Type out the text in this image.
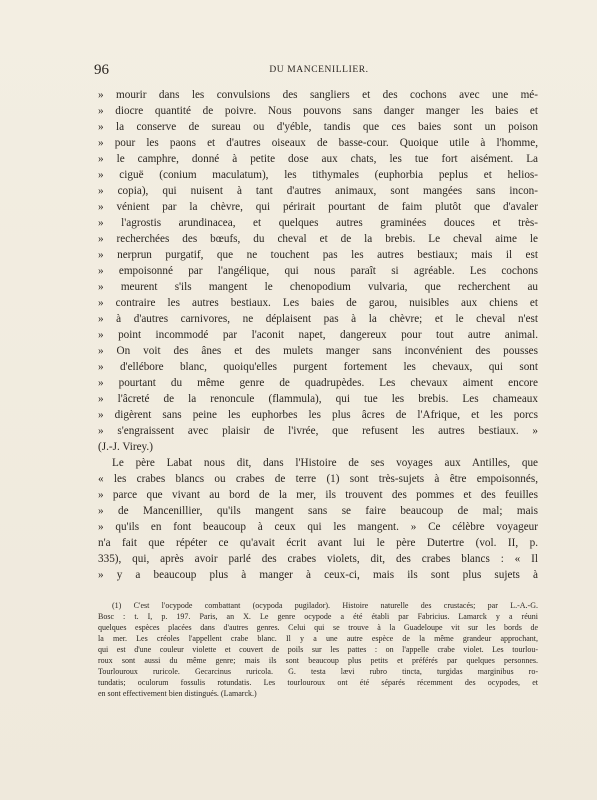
96	DU MANCENILLIER.
» mourir dans les convulsions des sangliers et des cochons avec une mé-
» diocre quantité de poivre. Nous pouvons sans danger manger les baies et
» la conserve de sureau ou d'yéble, tandis que ces baies sont un poison
» pour les paons et d'autres oiseaux de basse-cour. Quoique utile à l'homme,
» le camphre, donné à petite dose aux chats, les tue fort aisément. La
» ciguë (conium maculatum), les tithymales (euphorbia peplus et helios-
» copia), qui nuisent à tant d'autres animaux, sont mangées sans incon-
» vénient par la chèvre, qui périrait pourtant de faim plutôt que d'avaler
» l'agrostis arundinacea, et quelques autres graminées douces et très-
» recherchées des bœufs, du cheval et de la brebis. Le cheval aime le
» nerprun purgatif, que ne touchent pas les autres bestiaux; mais il est
» empoisonné par l'angélique, qui nous paraît si agréable. Les cochons
» meurent s'ils mangent le chenopodium vulvaria, que recherchent au
» contraire les autres bestiaux. Les baies de garou, nuisibles aux chiens et
» à d'autres carnivores, ne déplaisent pas à la chèvre; et le cheval n'est
» point incommodé par l'aconit napet, dangereux pour tout autre animal.
» On voit des ânes et des mulets manger sans inconvénient des pousses
» d'ellébore blanc, quoiqu'elles purgent fortement les chevaux, qui sont
» pourtant du même genre de quadrupèdes. Les chevaux aiment encore
» l'âcreté de la renoncule (flammula), qui tue les brebis. Les chameaux
» digèrent sans peine les euphorbes les plus âcres de l'Afrique, et les porcs
» s'engraissent avec plaisir de l'ivrée, que refusent les autres bestiaux. »
(J.-J. Virey.)
Le père Labat nous dit, dans l'Histoire de ses voyages aux Antilles, que
« les crabes blancs ou crabes de terre (1) sont très-sujets à être empoisonnés,
» parce que vivant au bord de la mer, ils trouvent des pommes et des feuilles
» de Mancenillier, qu'ils mangent sans se faire beaucoup de mal; mais
» qu'ils en font beaucoup à ceux qui les mangent. » Ce célèbre voyageur
n'a fait que répéter ce qu'avait écrit avant lui le père Dutertre (vol. II, p.
335), qui, après avoir parlé des crabes violets, dit, des crabes blancs : « Il
» y a beaucoup plus à manger à ceux-ci, mais ils sont plus sujets à
(1) C'est l'ocypode combattant (ocypoda pugilador). Histoire naturelle des crustacés; par L.-A.-G.
Bosc : t. I, p. 197. Paris, an X. Le genre ocypode a été établi par Fabricius. Lamarck y a réuni
quelques espèces placées dans d'autres genres. Celui qui se trouve à la Guadeloupe vit sur les bords de
la mer. Les créoles l'appellent crabe blanc. Il y a une autre espèce de la même grandeur approchant,
qui est d'une couleur violette et couvert de poils sur les pattes : on l'appelle crabe violet. Les tourlou-
roux sont aussi du même genre; mais ils sont beaucoup plus petits et préférés par quelques personnes.
Tourlouroux ruricole. Gecarcinus ruricola. G. testa lævi rubro tincta, turgidas marginibus ro-
tundatis; oculorum fossulis rotundatis. Les tourlouroux ont été séparés récemment des ocypodes, et
en sont effectivement bien distingués. (Lamarck.)
